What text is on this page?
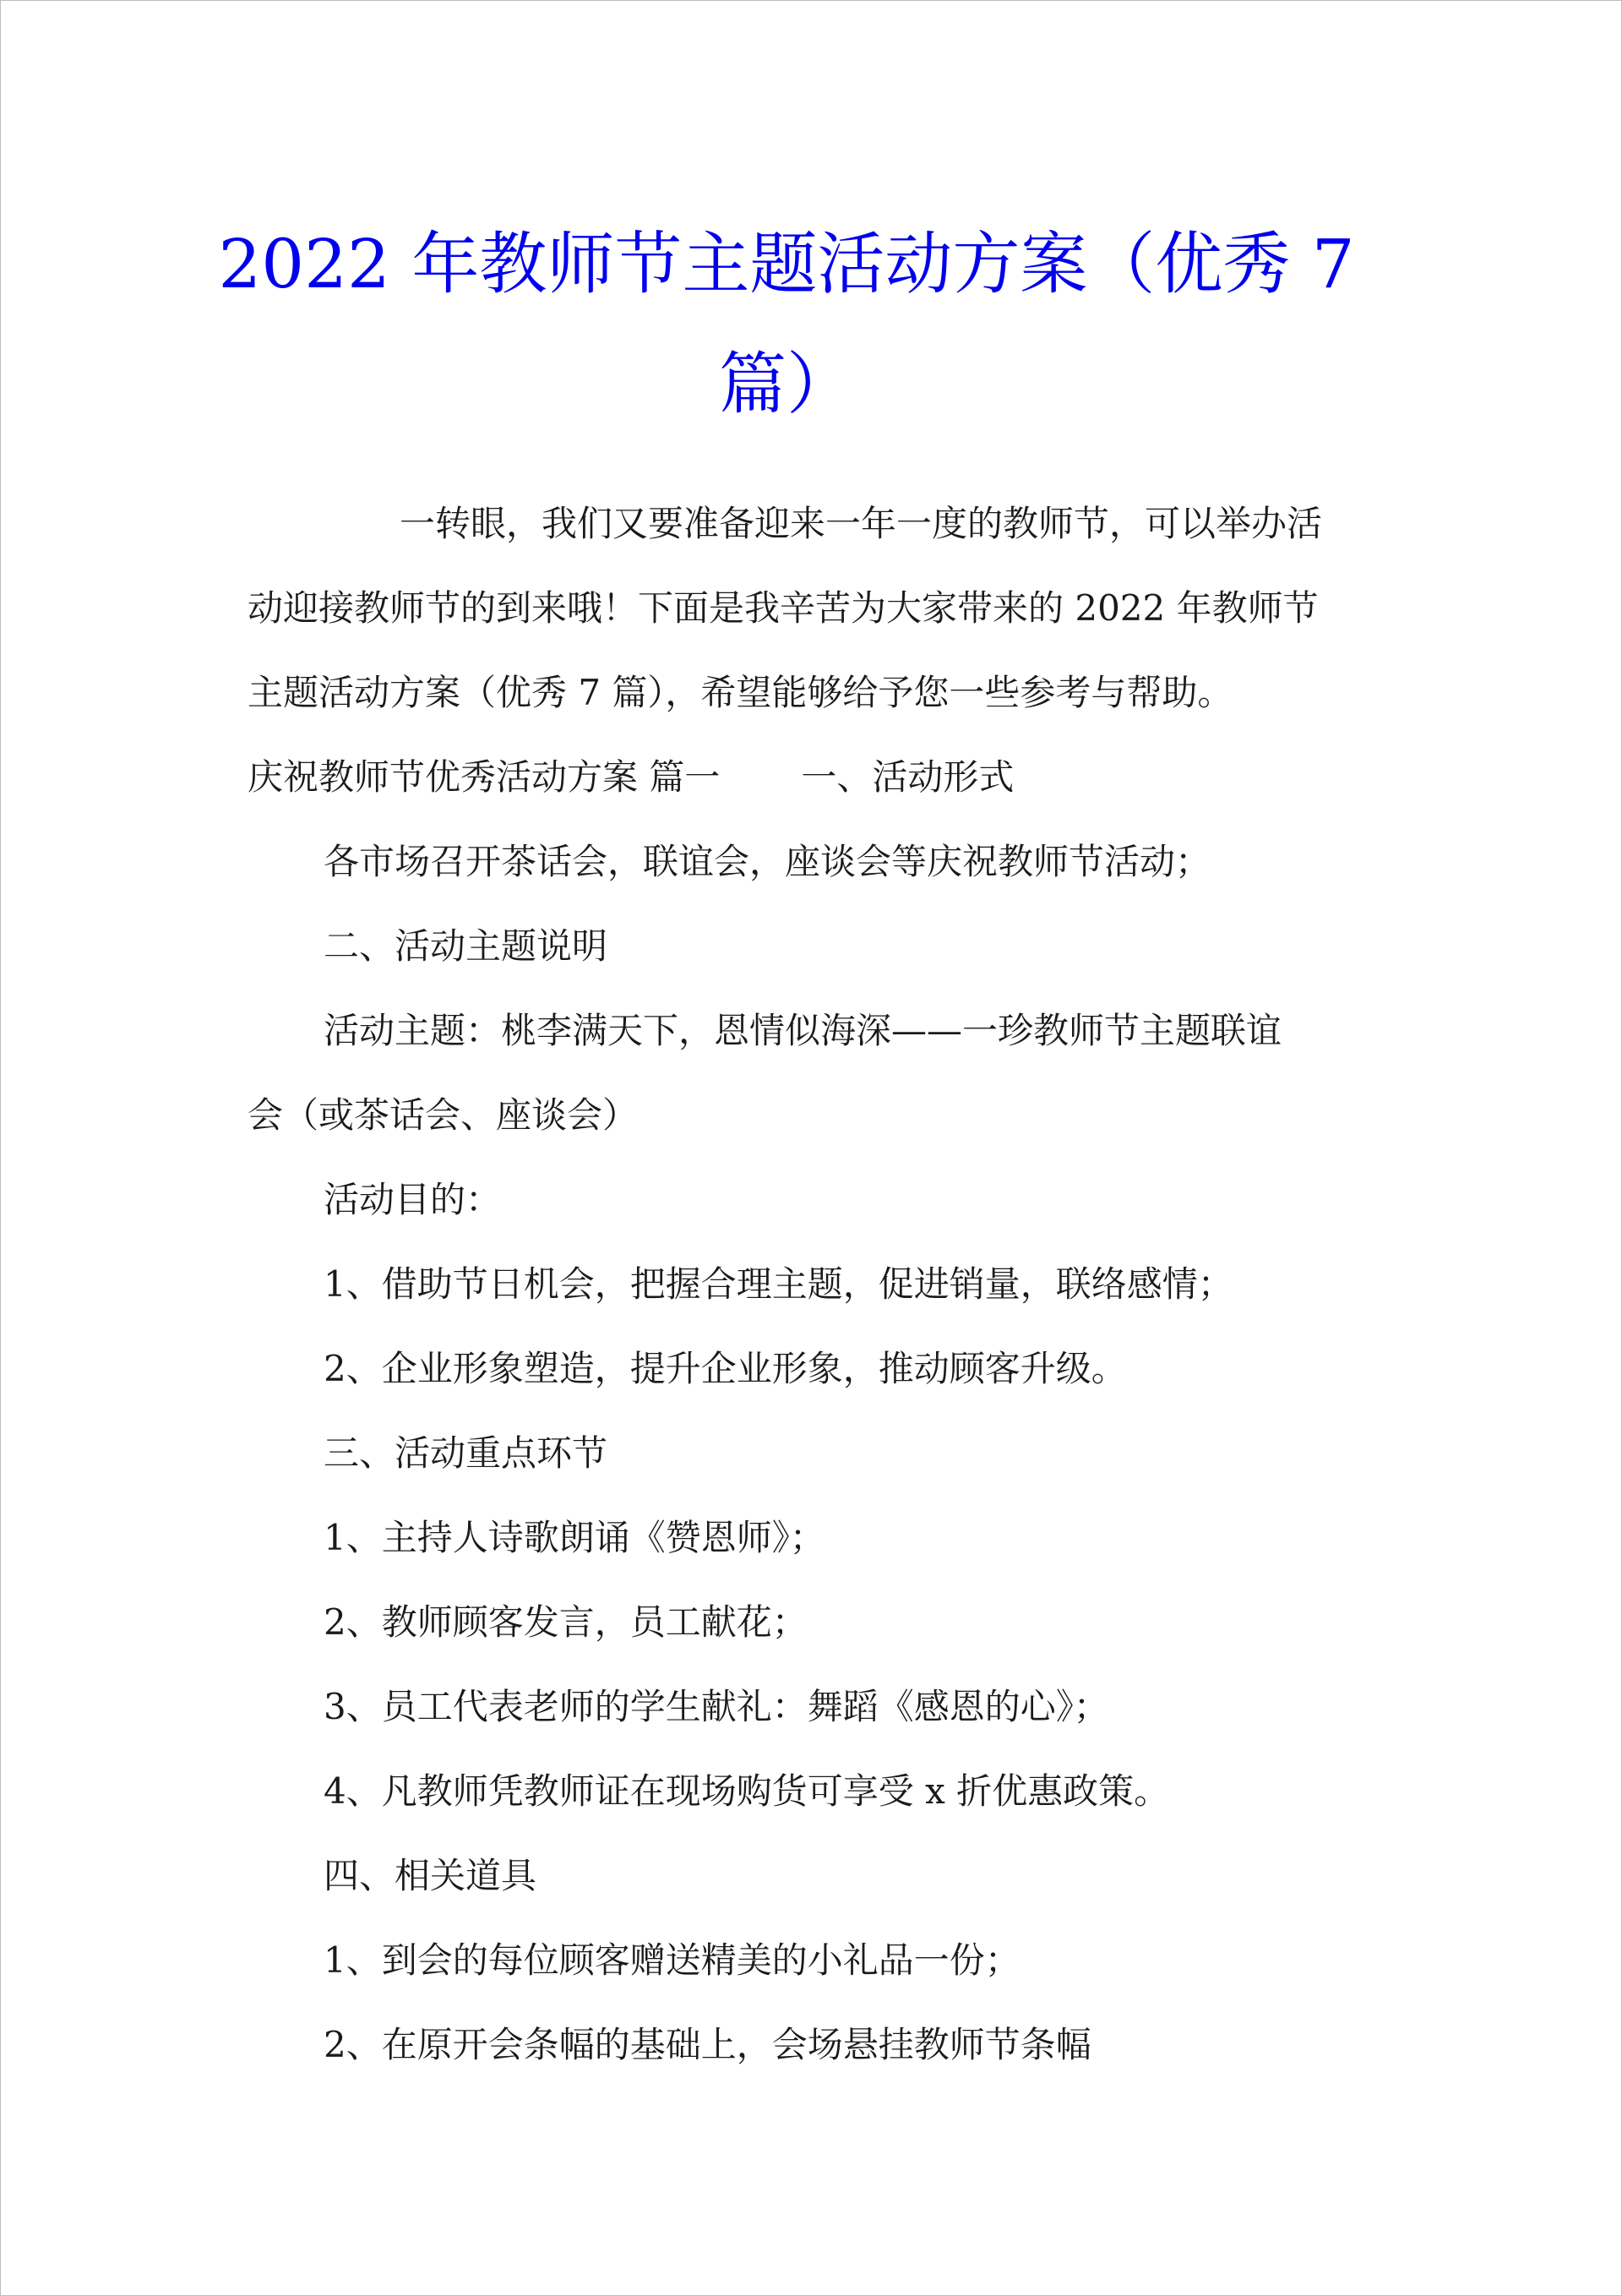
2022 年教师节主题活动方案（优秀 7
篇）

一转眼，我们又要准备迎来一年一度的教师节，可以举办活

动迎接教师节的到来哦！下面是我辛苦为大家带来的 2022 年教师节

主题活动方案（优秀 7 篇），希望能够给予您一些参考与帮助。

庆祝教师节优秀活动方案 篇一 一、活动形式

各市场召开茶话会，联谊会，座谈会等庆祝教师节活动；

二、活动主题说明

活动主题：桃李满天下，恩情似海深——一珍教师节主题联谊

会（或茶话会、座谈会）

活动目的：

1、借助节日机会，把握合理主题，促进销量，联络感情；

2、企业形象塑造，提升企业形象，推动顾客升级。

三、活动重点环节

1、主持人诗歌朗诵《赞恩师》；

2、教师顾客发言，员工献花；

3、员工代表老师的学生献礼：舞蹈《感恩的心》；

4、凡教师凭教师证在现场购货可享受 x 折优惠政策。

四、相关道具

1、到会的每位顾客赠送精美的小礼品一份；

2、在原开会条幅的基础上，会场悬挂教师节条幅
